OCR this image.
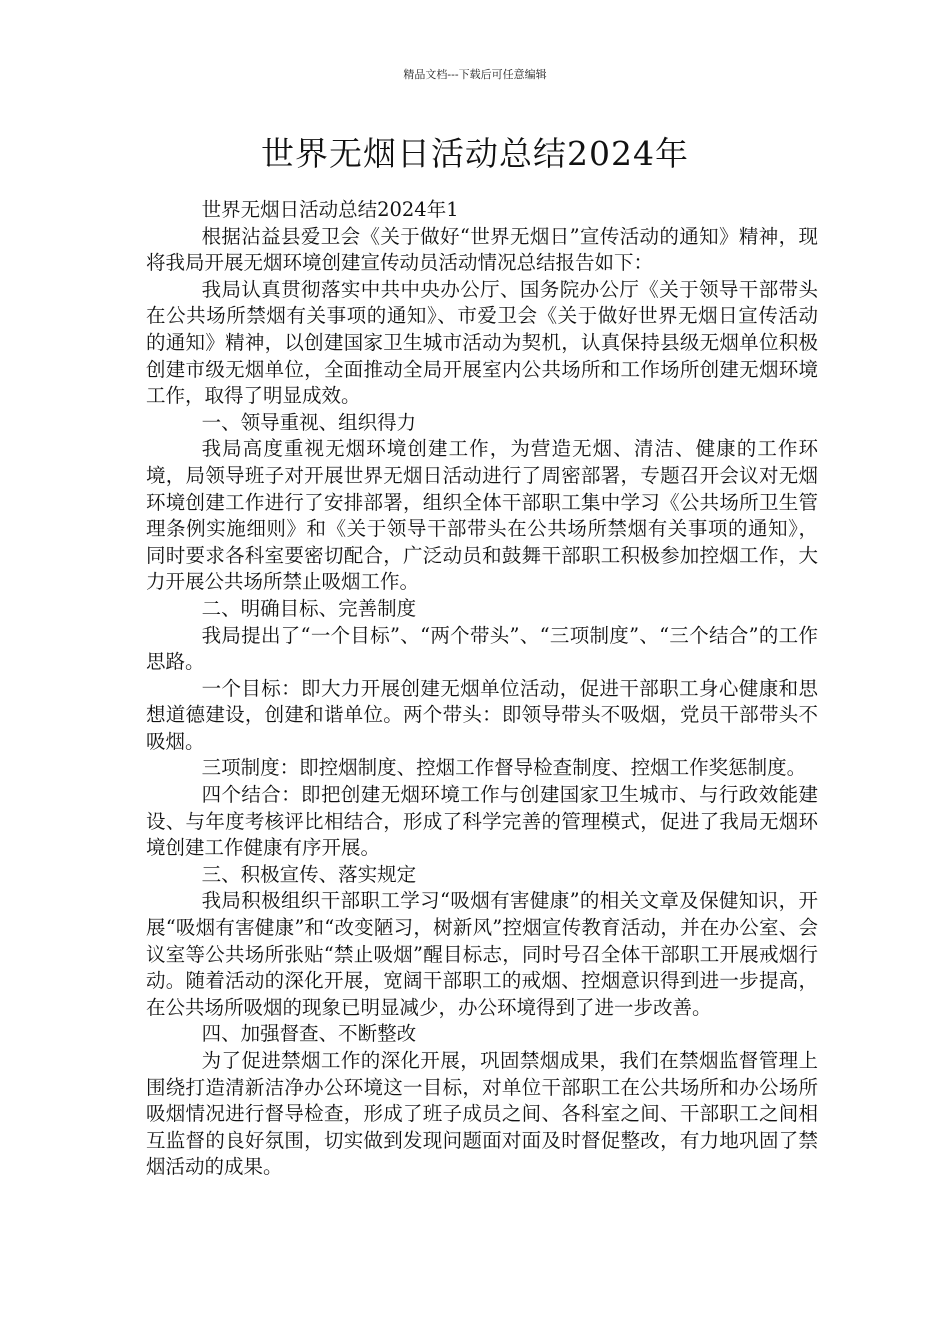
精品文档---下载后可任意编辑
世界无烟日活动总结2024年

世界无烟日活动总结2024年1

根据沾益县爱卫会《关于做好“世界无烟日”宣传活动的通知》精神，现将我局开展无烟环境创建宣传动员活动情况总结报告如下：

我局认真贯彻落实中共中央办公厅、国务院办公厅《关于领导干部带头在公共场所禁烟有关事项的通知》、市爱卫会《关于做好世界无烟日宣传活动的通知》精神，以创建国家卫生城市活动为契机，认真保持县级无烟单位积极创建市级无烟单位，全面推动全局开展室内公共场所和工作场所创建无烟环境工作，取得了明显成效。

一、领导重视、组织得力

我局高度重视无烟环境创建工作，为营造无烟、清洁、健康的工作环境，局领导班子对开展世界无烟日活动进行了周密部署，专题召开会议对无烟环境创建工作进行了安排部署，组织全体干部职工集中学习《公共场所卫生管理条例实施细则》和《关于领导干部带头在公共场所禁烟有关事项的通知》，同时要求各科室要密切配合，广泛动员和鼓舞干部职工积极参加控烟工作，大力开展公共场所禁止吸烟工作。

二、明确目标、完善制度

我局提出了“一个目标”、“两个带头”、“三项制度”、“三个结合”的工作思路。

一个目标：即大力开展创建无烟单位活动，促进干部职工身心健康和思想道德建设，创建和谐单位。两个带头：即领导带头不吸烟，党员干部带头不吸烟。

三项制度：即控烟制度、控烟工作督导检查制度、控烟工作奖惩制度。

四个结合：即把创建无烟环境工作与创建国家卫生城市、与行政效能建设、与年度考核评比相结合，形成了科学完善的管理模式，促进了我局无烟环境创建工作健康有序开展。

三、积极宣传、落实规定

我局积极组织干部职工学习“吸烟有害健康”的相关文章及保健知识，开展“吸烟有害健康”和“改变陋习，树新风”控烟宣传教育活动，并在办公室、会议室等公共场所张贴“禁止吸烟”醒目标志，同时号召全体干部职工开展戒烟行动。随着活动的深化开展，宽阔干部职工的戒烟、控烟意识得到进一步提高，在公共场所吸烟的现象已明显减少，办公环境得到了进一步改善。

四、加强督查、不断整改

为了促进禁烟工作的深化开展，巩固禁烟成果，我们在禁烟监督管理上围绕打造清新洁净办公环境这一目标，对单位干部职工在公共场所和办公场所吸烟情况进行督导检查，形成了班子成员之间、各科室之间、干部职工之间相互监督的良好氛围，切实做到发现问题面对面及时督促整改，有力地巩固了禁烟活动的成果。
